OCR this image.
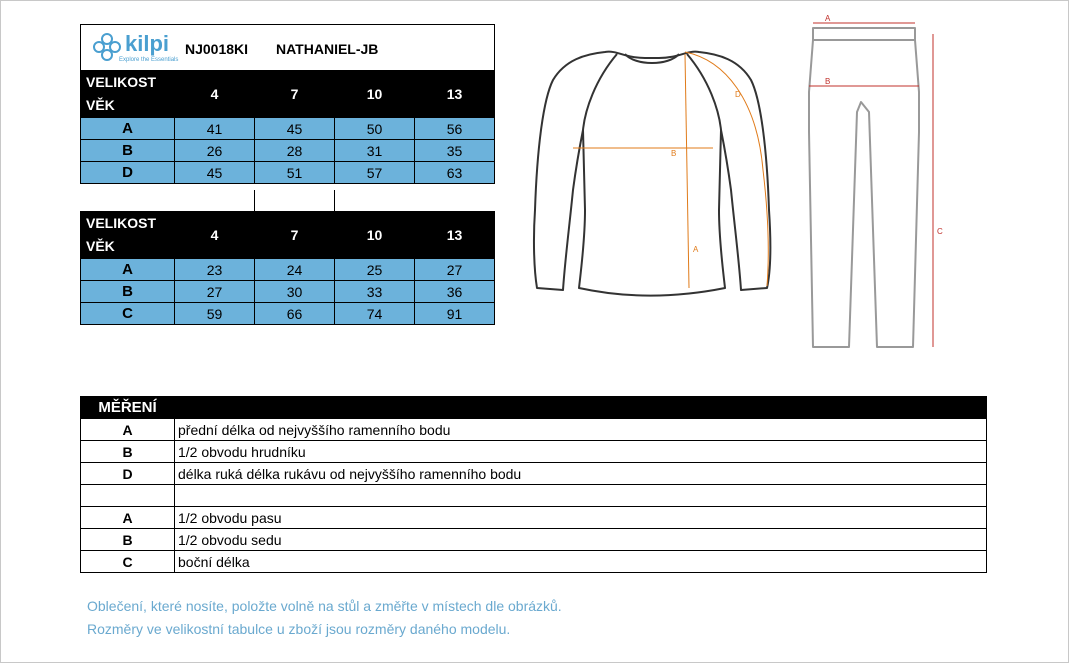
kilpi
Explore the Essentials
NJ0018KI NATHANIEL-JB
VELIKOST
VĚK	4	7	10	13
A	41	45	50	56
B	26	28	31	35
D	45	51	57	63
VELIKOST
VĚK	4	7	10	13
A	23	24	25	27
B	27	30	33	36
C	59	66	74	91
A
B
D
A
B
C
MĚŘENÍ	
A	přední délka od nejvyššího ramenního bodu
B	1/2 obvodu hrudníku
D	délka ruká délka rukávu od nejvyššího ramenního bodu

A	1/2 obvodu pasu
B	1/2 obvodu sedu
C	boční délka
Oblečení, které nosíte, položte volně na stůl a změřte v místech dle obrázků.
Rozměry ve velikostní tabulce u zboží jsou rozměry daného modelu.
